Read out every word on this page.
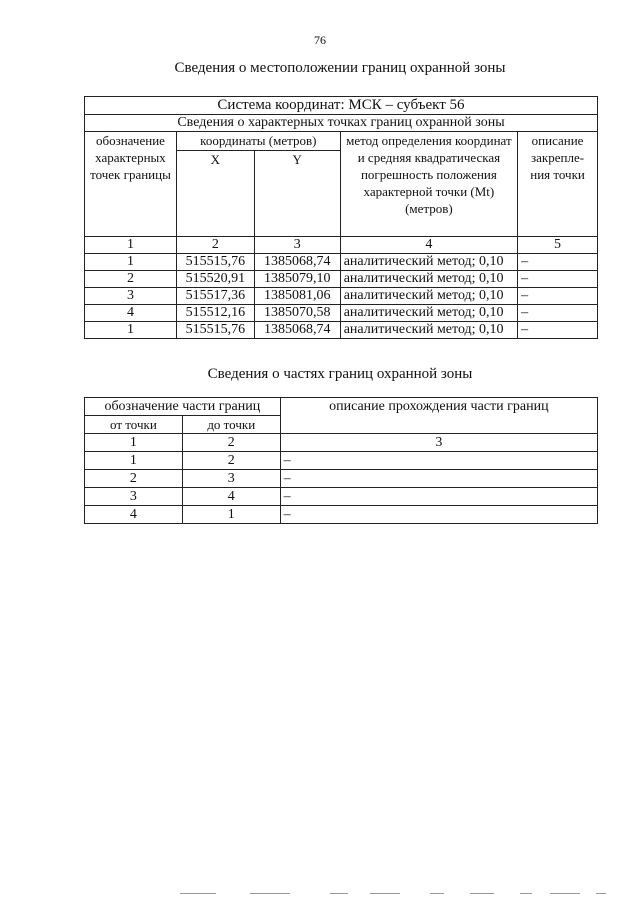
76
Сведения о местоположении границ охранной зоны
Система координат: МСК – субъект 56				
Сведения о характерных точках границ охранной зоны				
обозначение характерных точек границы	координаты (метров)		метод определения координат и средняя квадратическая погрешность положения характерной точки (Mt) (метров)	описание закрепле-ния точки
	X	Y		
1	2	3	4	5
1	515515,76	1385068,74	аналитический метод; 0,10	–
2	515520,91	1385079,10	аналитический метод; 0,10	–
3	515517,36	1385081,06	аналитический метод; 0,10	–
4	515512,16	1385070,58	аналитический метод; 0,10	–
1	515515,76	1385068,74	аналитический метод; 0,10	–
Сведения о частях границ охранной зоны
обозначение части границ		описание прохождения части границ
от точки	до точки	
1	2	3
1	2	–
2	3	–
3	4	–
4	1	–
